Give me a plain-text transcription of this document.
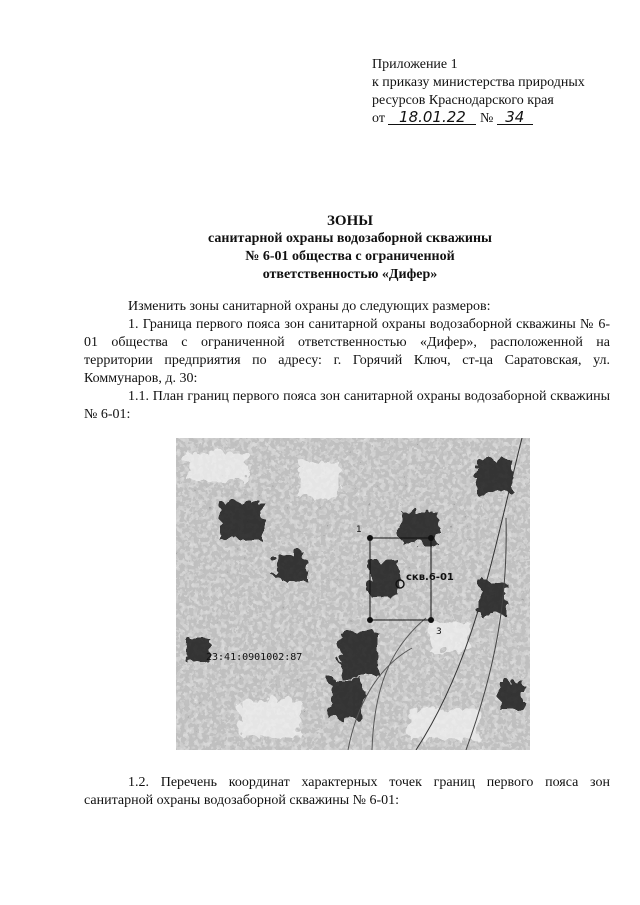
Приложение 1
к приказу министерства природных
ресурсов Краснодарского края
от 18.01.22 № 34
ЗОНЫ
санитарной охраны водозаборной скважины
№ 6-01 общества с ограниченной
ответственностью «Дифер»
Изменить зоны санитарной охраны до следующих размеров:
1. Граница первого пояса зон санитарной охраны водозаборной скважины № 6-01 общества с ограниченной ответственностью «Дифер», расположенной на территории предприятия по адресу: г. Горячий Ключ, ст-ца Саратовская, ул. Коммунаров, д. 30:
1.1. План границ первого пояса зон санитарной охраны водозаборной скважины № 6-01:
1
3
скв.6-01
23:41:0901002:87
1.2. Перечень координат характерных точек границ первого пояса зон санитарной охраны водозаборной скважины № 6-01:
